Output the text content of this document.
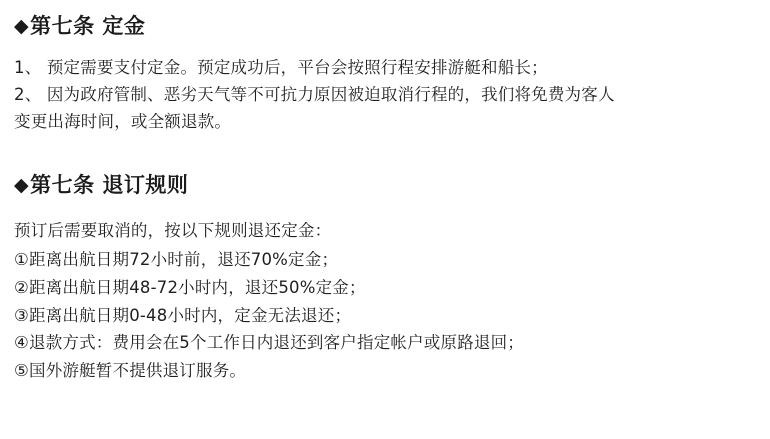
◆ 第七条 定金
1、 预定需要支付定金。预定成功后，平台会按照行程安排游艇和船长；
2、 因为政府管制、恶劣天气等不可抗力原因被迫取消行程的，我们将免费为客人
变更出海时间，或全额退款。
◆ 第七条 退订规则
预订后需要取消的，按以下规则退还定金：
①距离出航日期72小时前，退还70%定金；
②距离出航日期48-72小时内，退还50%定金；
③距离出航日期0-48小时内，定金无法退还；
④退款方式：费用会在5个工作日内退还到客户指定帐户或原路退回；
⑤国外游艇暂不提供退订服务。
